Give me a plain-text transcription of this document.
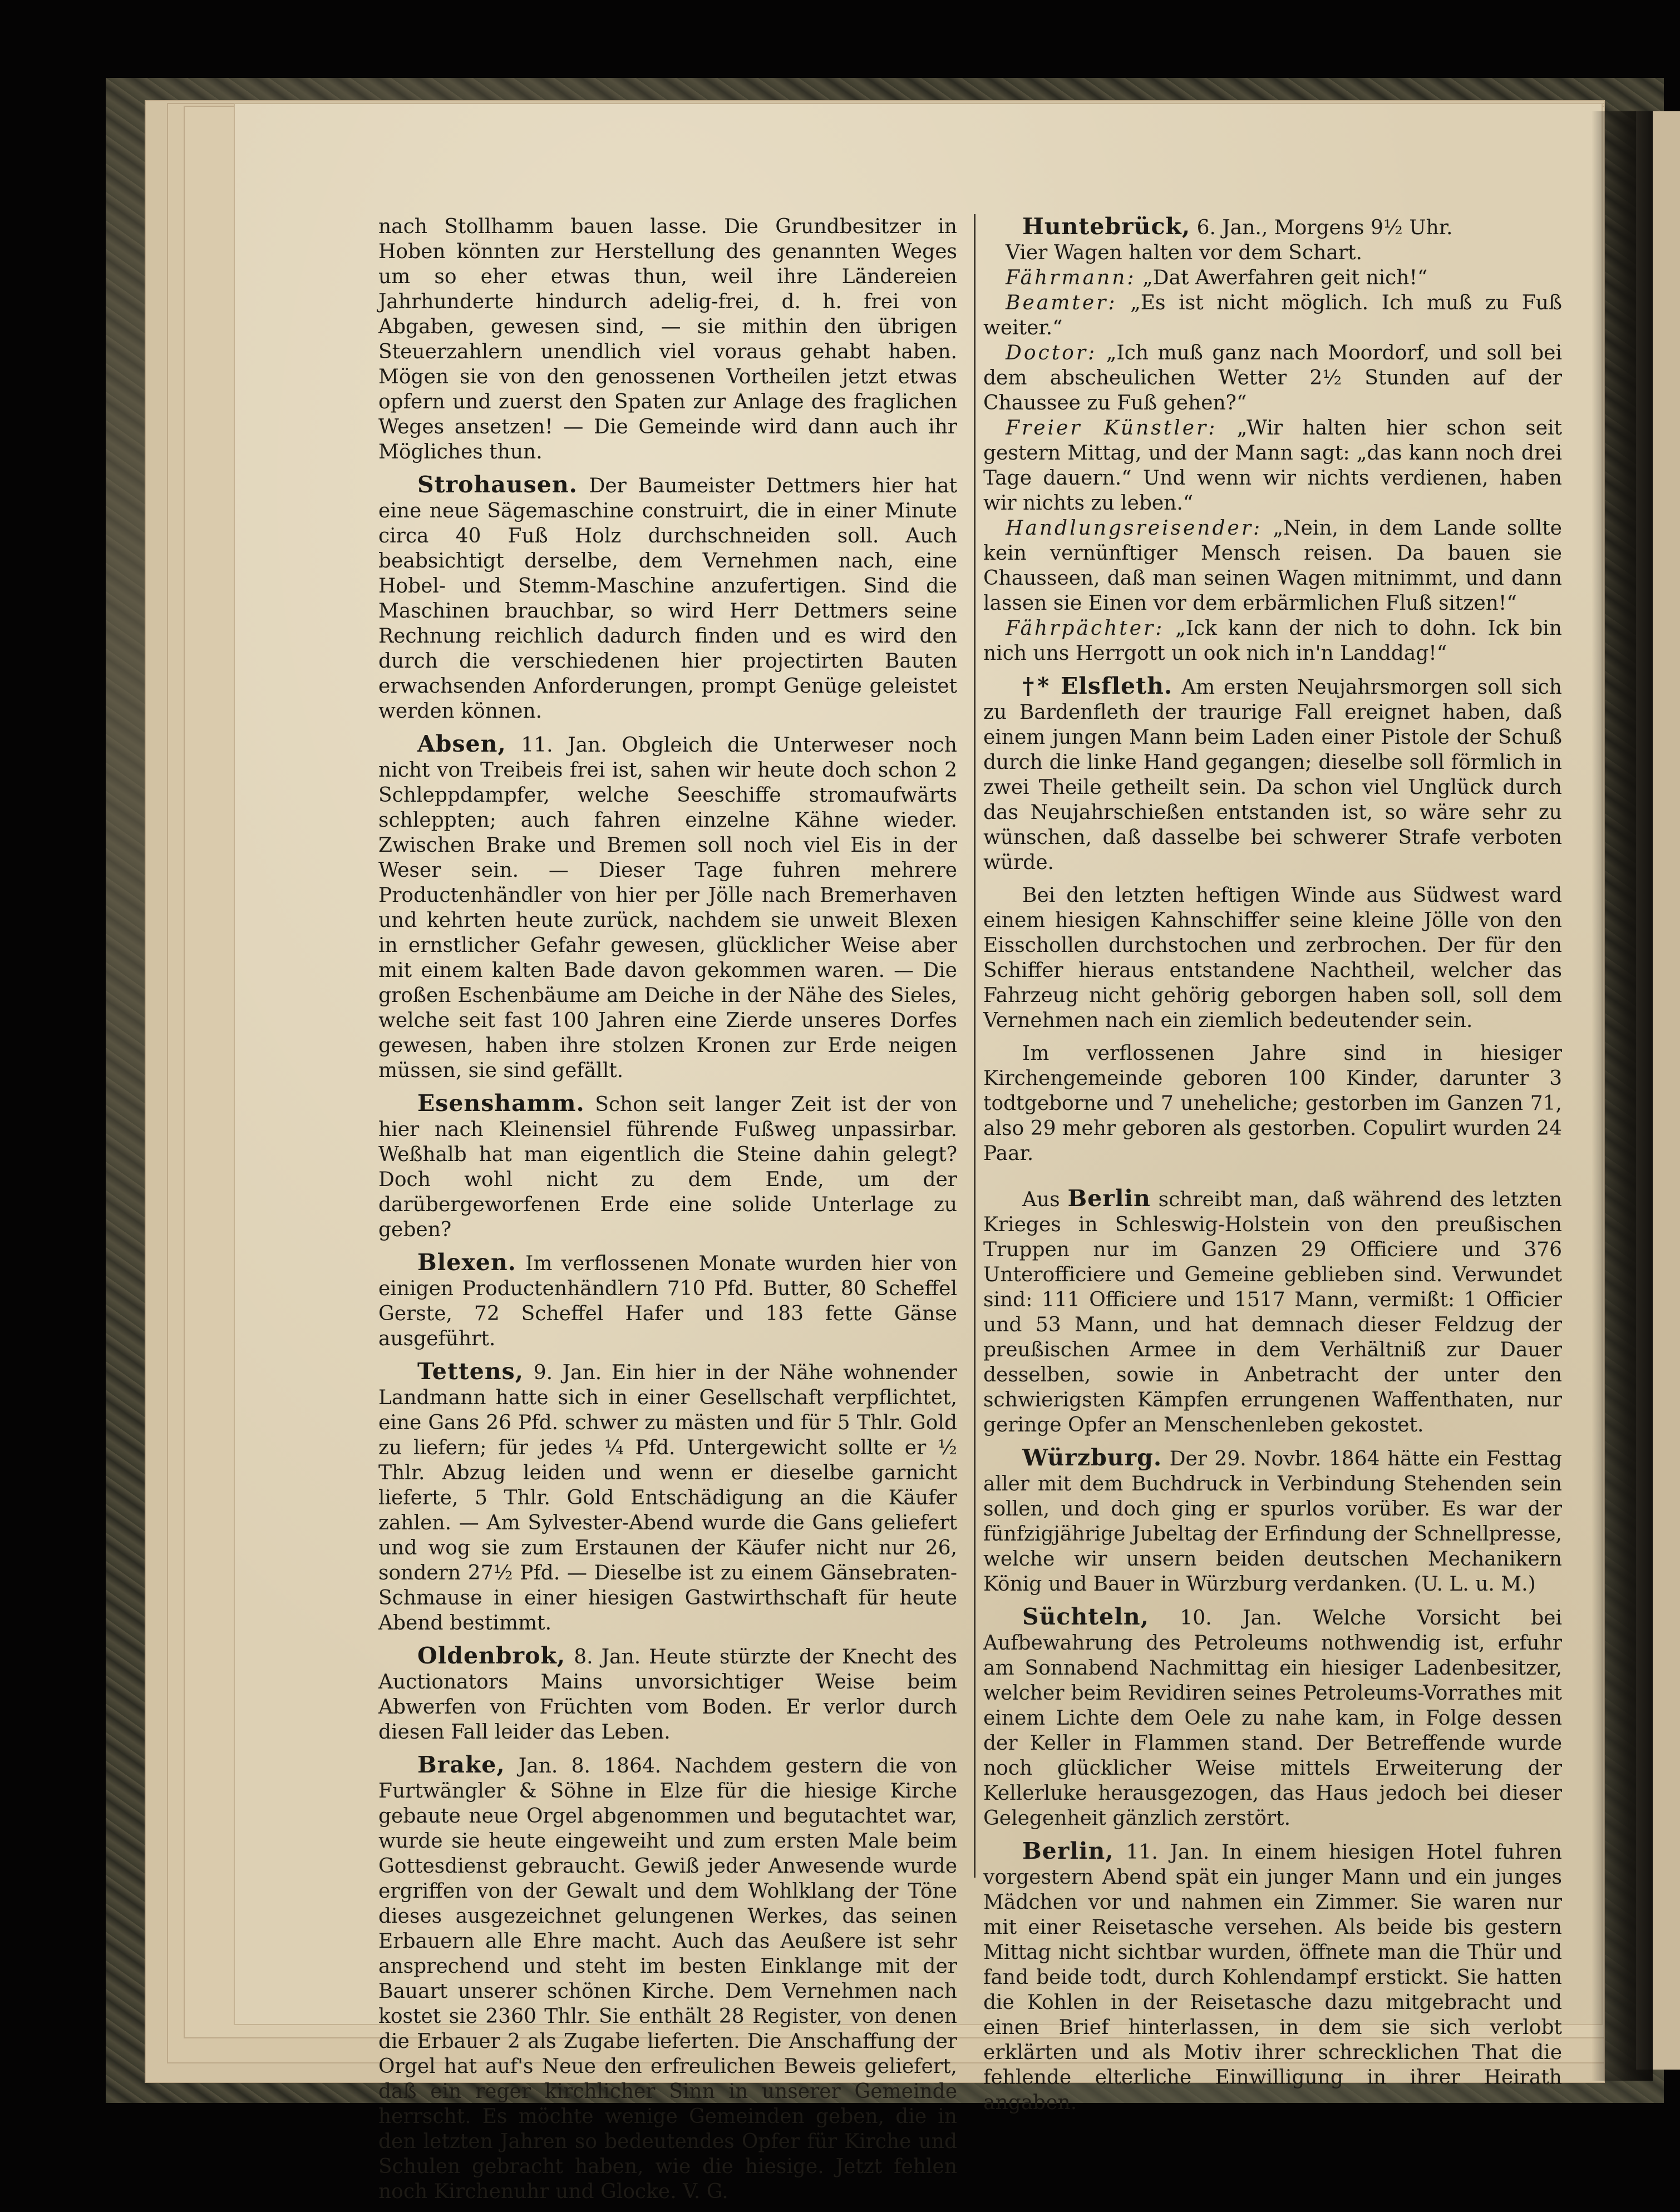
nach Stollhamm bauen lasse. Die Grundbesitzer in Hoben könnten zur Herstellung des genannten Weges um so eher etwas thun, weil ihre Ländereien Jahrhunderte hindurch adelig-frei, d. h. frei von Abgaben, gewesen sind, — sie mithin den übrigen Steuerzahlern unendlich viel voraus gehabt haben. Mögen sie von den genossenen Vortheilen jetzt etwas opfern und zuerst den Spaten zur Anlage des fraglichen Weges ansetzen! — Die Gemeinde wird dann auch ihr Mögliches thun.

Strohausen. Der Baumeister Dettmers hier hat eine neue Sägemaschine construirt, die in einer Minute circa 40 Fuß Holz durchschneiden soll. Auch beabsichtigt derselbe, dem Vernehmen nach, eine Hobel- und Stemm-Maschine anzufertigen. Sind die Maschinen brauchbar, so wird Herr Dettmers seine Rechnung reichlich dadurch finden und es wird den durch die verschiedenen hier projectirten Bauten erwachsenden Anforderungen, prompt Genüge geleistet werden können.

Absen, 11. Jan. Obgleich die Unterweser noch nicht von Treibeis frei ist, sahen wir heute doch schon 2 Schleppdampfer, welche Seeschiffe stromaufwärts schleppten; auch fahren einzelne Kähne wieder. Zwischen Brake und Bremen soll noch viel Eis in der Weser sein. — Dieser Tage fuhren mehrere Productenhändler von hier per Jölle nach Bremerhaven und kehrten heute zurück, nachdem sie unweit Blexen in ernstlicher Gefahr gewesen, glücklicher Weise aber mit einem kalten Bade davon gekommen waren. — Die großen Eschenbäume am Deiche in der Nähe des Sieles, welche seit fast 100 Jahren eine Zierde unseres Dorfes gewesen, haben ihre stolzen Kronen zur Erde neigen müssen, sie sind gefällt.

Esenshamm. Schon seit langer Zeit ist der von hier nach Kleinensiel führende Fußweg unpassirbar. Weßhalb hat man eigentlich die Steine dahin gelegt? Doch wohl nicht zu dem Ende, um der darübergeworfenen Erde eine solide Unterlage zu geben?

Blexen. Im verflossenen Monate wurden hier von einigen Productenhändlern 710 Pfd. Butter, 80 Scheffel Gerste, 72 Scheffel Hafer und 183 fette Gänse ausgeführt.

Tettens, 9. Jan. Ein hier in der Nähe wohnender Landmann hatte sich in einer Gesellschaft verpflichtet, eine Gans 26 Pfd. schwer zu mästen und für 5 Thlr. Gold zu liefern; für jedes ¼ Pfd. Untergewicht sollte er ½ Thlr. Abzug leiden und wenn er dieselbe garnicht lieferte, 5 Thlr. Gold Entschädigung an die Käufer zahlen. — Am Sylvester-Abend wurde die Gans geliefert und wog sie zum Erstaunen der Käufer nicht nur 26, sondern 27½ Pfd. — Dieselbe ist zu einem Gänsebraten-Schmause in einer hiesigen Gastwirthschaft für heute Abend bestimmt.

Oldenbrok, 8. Jan. Heute stürzte der Knecht des Auctionators Mains unvorsichtiger Weise beim Abwerfen von Früchten vom Boden. Er verlor durch diesen Fall leider das Leben.

Brake, Jan. 8. 1864. Nachdem gestern die von Furtwängler & Söhne in Elze für die hiesige Kirche gebaute neue Orgel abgenommen und begutachtet war, wurde sie heute eingeweiht und zum ersten Male beim Gottesdienst gebraucht. Gewiß jeder Anwesende wurde ergriffen von der Gewalt und dem Wohlklang der Töne dieses ausgezeichnet gelungenen Werkes, das seinen Erbauern alle Ehre macht. Auch das Aeußere ist sehr ansprechend und steht im besten Einklange mit der Bauart unserer schönen Kirche. Dem Vernehmen nach kostet sie 2360 Thlr. Sie enthält 28 Register, von denen die Erbauer 2 als Zugabe lieferten. Die Anschaffung der Orgel hat auf's Neue den erfreulichen Beweis geliefert, daß ein reger kirchlicher Sinn in unserer Gemeinde herrscht. Es möchte wenige Gemeinden geben, die in den letzten Jahren so bedeutendes Opfer für Kirche und Schulen gebracht haben, wie die hiesige. Jetzt fehlen noch Kirchenuhr und Glocke. V. G.

Huntebrück, 6. Jan., Morgens 9½ Uhr.

Vier Wagen halten vor dem Schart.

Fährmann: „Dat Awerfahren geit nich!“

Beamter: „Es ist nicht möglich. Ich muß zu Fuß weiter.“

Doctor: „Ich muß ganz nach Moordorf, und soll bei dem abscheulichen Wetter 2½ Stunden auf der Chaussee zu Fuß gehen?“

Freier Künstler: „Wir halten hier schon seit gestern Mittag, und der Mann sagt: „das kann noch drei Tage dauern.“ Und wenn wir nichts verdienen, haben wir nichts zu leben.“

Handlungsreisender: „Nein, in dem Lande sollte kein vernünftiger Mensch reisen. Da bauen sie Chausseen, daß man seinen Wagen mitnimmt, und dann lassen sie Einen vor dem erbärmlichen Fluß sitzen!“

Fährpächter: „Ick kann der nich to dohn. Ick bin nich uns Herrgott un ook nich in'n Landdag!“

†* Elsfleth. Am ersten Neujahrsmorgen soll sich zu Bardenfleth der traurige Fall ereignet haben, daß einem jungen Mann beim Laden einer Pistole der Schuß durch die linke Hand gegangen; dieselbe soll förmlich in zwei Theile getheilt sein. Da schon viel Unglück durch das Neujahrschießen entstanden ist, so wäre sehr zu wünschen, daß dasselbe bei schwerer Strafe verboten würde.

Bei den letzten heftigen Winde aus Südwest ward einem hiesigen Kahnschiffer seine kleine Jölle von den Eisschollen durchstochen und zerbrochen. Der für den Schiffer hieraus entstandene Nachtheil, welcher das Fahrzeug nicht gehörig geborgen haben soll, soll dem Vernehmen nach ein ziemlich bedeutender sein.

Im verflossenen Jahre sind in hiesiger Kirchengemeinde geboren 100 Kinder, darunter 3 todtgeborne und 7 uneheliche; gestorben im Ganzen 71, also 29 mehr geboren als gestorben. Copulirt wurden 24 Paar.

Aus Berlin schreibt man, daß während des letzten Krieges in Schleswig-Holstein von den preußischen Truppen nur im Ganzen 29 Officiere und 376 Unterofficiere und Gemeine geblieben sind. Verwundet sind: 111 Officiere und 1517 Mann, vermißt: 1 Officier und 53 Mann, und hat demnach dieser Feldzug der preußischen Armee in dem Verhältniß zur Dauer desselben, sowie in Anbetracht der unter den schwierigsten Kämpfen errungenen Waffenthaten, nur geringe Opfer an Menschenleben gekostet.

Würzburg. Der 29. Novbr. 1864 hätte ein Festtag aller mit dem Buchdruck in Verbindung Stehenden sein sollen, und doch ging er spurlos vorüber. Es war der fünfzigjährige Jubeltag der Erfindung der Schnellpresse, welche wir unsern beiden deutschen Mechanikern König und Bauer in Würzburg verdanken. (U. L. u. M.)

Süchteln, 10. Jan. Welche Vorsicht bei Aufbewahrung des Petroleums nothwendig ist, erfuhr am Sonnabend Nachmittag ein hiesiger Ladenbesitzer, welcher beim Revidiren seines Petroleums-Vorrathes mit einem Lichte dem Oele zu nahe kam, in Folge dessen der Keller in Flammen stand. Der Betreffende wurde noch glücklicher Weise mittels Erweiterung der Kellerluke herausgezogen, das Haus jedoch bei dieser Gelegenheit gänzlich zerstört.

Berlin, 11. Jan. In einem hiesigen Hotel fuhren vorgestern Abend spät ein junger Mann und ein junges Mädchen vor und nahmen ein Zimmer. Sie waren nur mit einer Reisetasche versehen. Als beide bis gestern Mittag nicht sichtbar wurden, öffnete man die Thür und fand beide todt, durch Kohlendampf erstickt. Sie hatten die Kohlen in der Reisetasche dazu mitgebracht und einen Brief hinterlassen, in dem sie sich verlobt erklärten und als Motiv ihrer schrecklichen That die fehlende elterliche Einwilligung in ihrer Heirath angaben.
